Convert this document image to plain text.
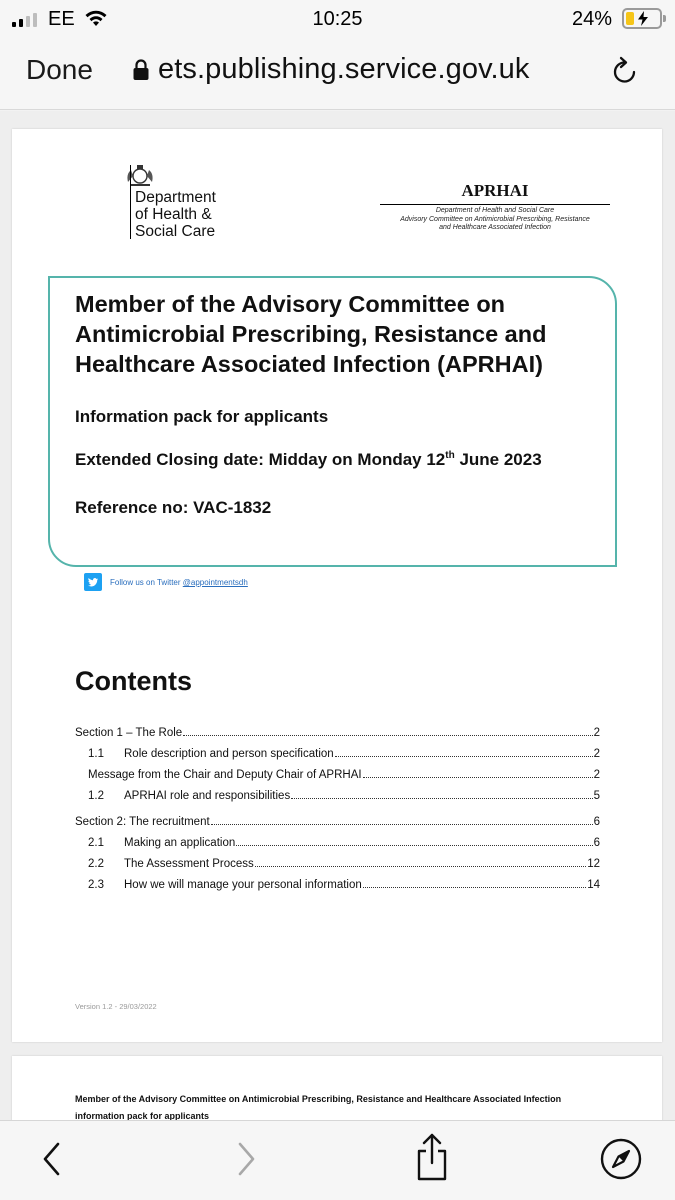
EE	10:25	24%
Done ets.publishing.service.gov.uk
Department
of Health &
Social Care
APRHAI
Department of Health and Social Care
Advisory Committee on Antimicrobial Prescribing, Resistance
and Healthcare Associated Infection
Member of the Advisory Committee on Antimicrobial Prescribing, Resistance and Healthcare Associated Infection (APRHAI)
Information pack for applicants
Extended Closing date: Midday on Monday 12th June 2023
Reference no: VAC-1832
Follow us on Twitter @appointmentsdh
Contents
Section 1 – The Role	2
1.1 Role description and person specification	2
Message from the Chair and Deputy Chair of APRHAI	2
1.2 APRHAI role and responsibilities	5
Section 2: The recruitment	6
2.1 Making an application	6
2.2 The Assessment Process	12
2.3 How we will manage your personal information	14
Version 1.2 - 29/03/2022
Member of the Advisory Committee on Antimicrobial Prescribing, Resistance and Healthcare Associated Infection information pack for applicants
